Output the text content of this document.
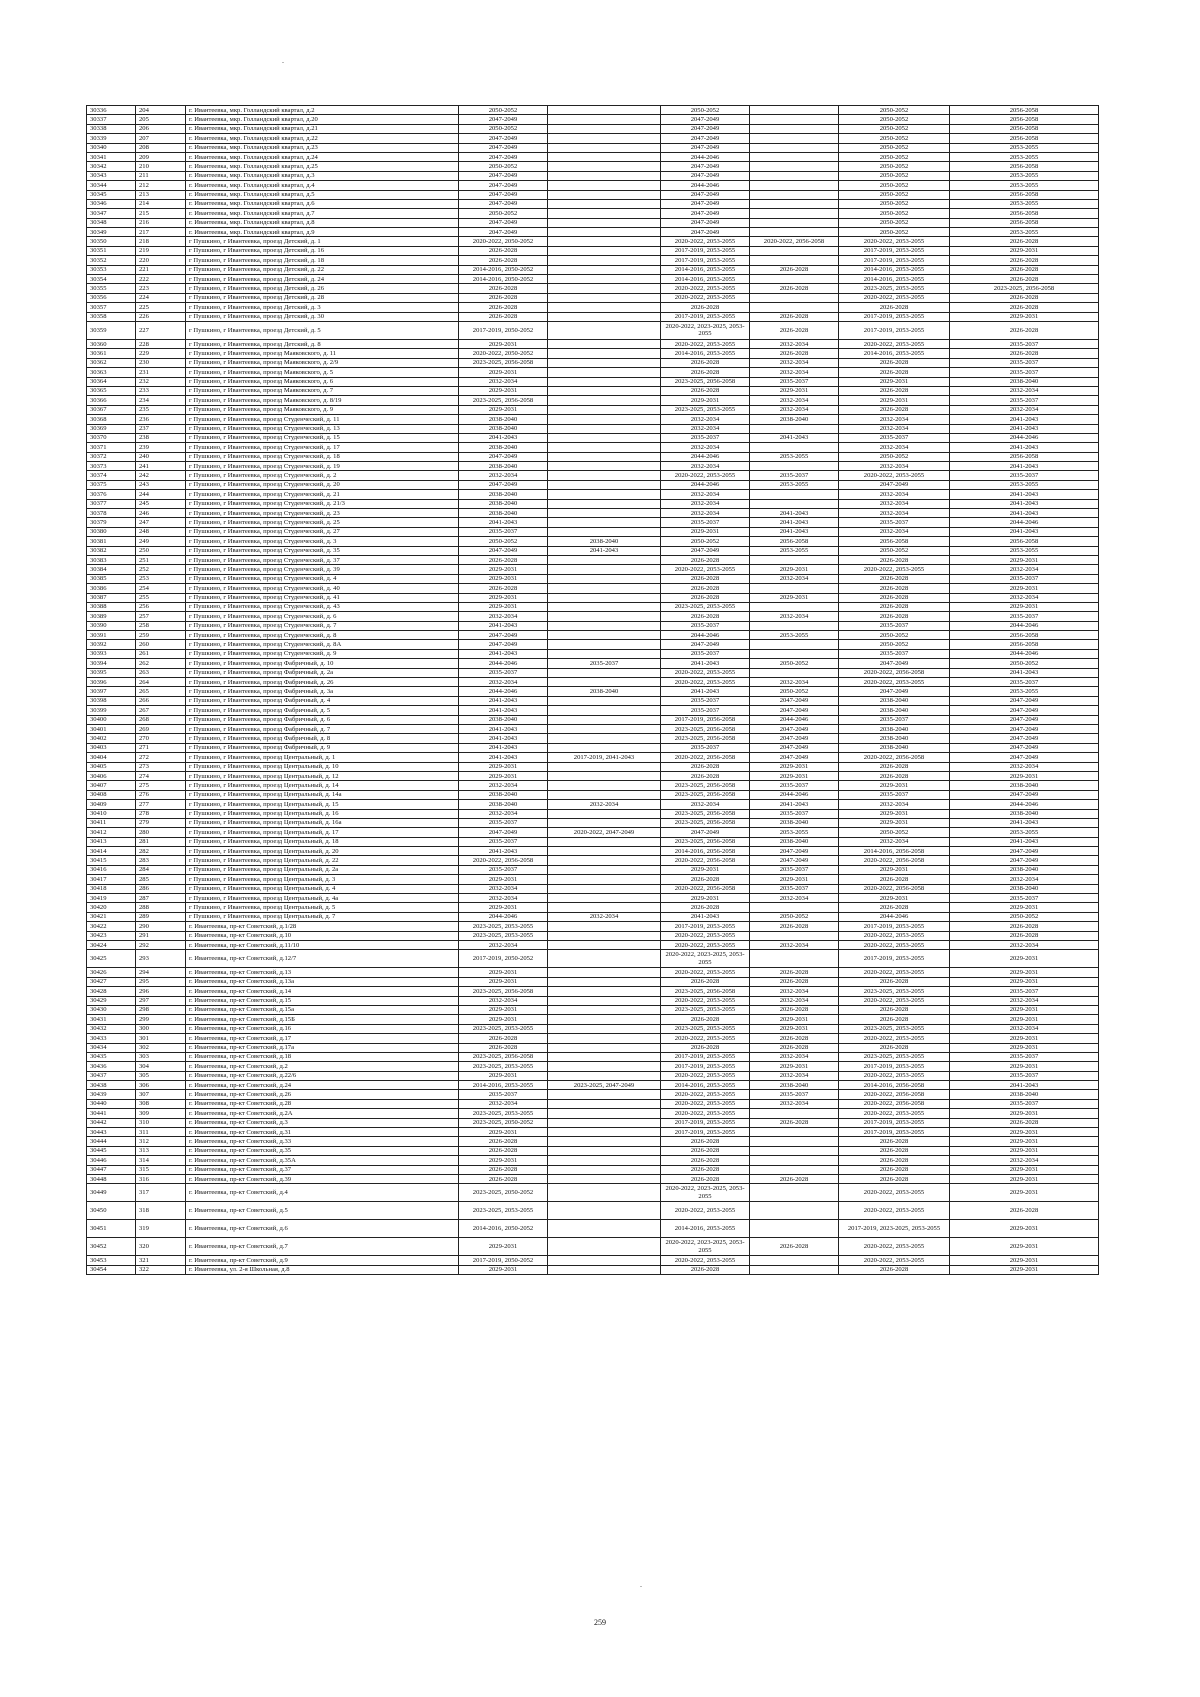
30336	204	г. Ивантеевка, мкр. Голландский квартал, д.2	2050-2052		2050-2052		2050-2052	2056-2058
30337	205	г. Ивантеевка, мкр. Голландский квартал, д.20	2047-2049		2047-2049		2050-2052	2056-2058
30338	206	г. Ивантеевка, мкр. Голландский квартал, д.21	2050-2052		2047-2049		2050-2052	2056-2058
30339	207	г. Ивантеевка, мкр. Голландский квартал, д.22	2047-2049		2047-2049		2050-2052	2056-2058
30340	208	г. Ивантеевка, мкр. Голландский квартал, д.23	2047-2049		2047-2049		2050-2052	2053-2055
30341	209	г. Ивантеевка, мкр. Голландский квартал, д.24	2047-2049		2044-2046		2050-2052	2053-2055
30342	210	г. Ивантеевка, мкр. Голландский квартал, д.25	2050-2052		2047-2049		2050-2052	2056-2058
30343	211	г. Ивантеевка, мкр. Голландский квартал, д.3	2047-2049		2047-2049		2050-2052	2053-2055
30344	212	г. Ивантеевка, мкр. Голландский квартал, д.4	2047-2049		2044-2046		2050-2052	2053-2055
30345	213	г. Ивантеевка, мкр. Голландский квартал, д.5	2047-2049		2047-2049		2050-2052	2056-2058
30346	214	г. Ивантеевка, мкр. Голландский квартал, д.6	2047-2049		2047-2049		2050-2052	2053-2055
30347	215	г. Ивантеевка, мкр. Голландский квартал, д.7	2050-2052		2047-2049		2050-2052	2056-2058
30348	216	г. Ивантеевка, мкр. Голландский квартал, д.8	2047-2049		2047-2049		2050-2052	2056-2058
30349	217	г. Ивантеевка, мкр. Голландский квартал, д.9	2047-2049		2047-2049		2050-2052	2053-2055
30350	218	г Пушкино, г Ивантеевка, проезд Детский, д. 1	2020-2022, 2050-2052		2020-2022, 2053-2055	2020-2022, 2056-2058	2020-2022, 2053-2055	2026-2028
30351	219	г Пушкино, г Ивантеевка, проезд Детский, д. 16	2026-2028		2017-2019, 2053-2055		2017-2019, 2053-2055	2029-2031
30352	220	г Пушкино, г Ивантеевка, проезд Детский, д. 18	2026-2028		2017-2019, 2053-2055		2017-2019, 2053-2055	2026-2028
30353	221	г Пушкино, г Ивантеевка, проезд Детский, д. 22	2014-2016, 2050-2052		2014-2016, 2053-2055	2026-2028	2014-2016, 2053-2055	2026-2028
30354	222	г Пушкино, г Ивантеевка, проезд Детский, д. 24	2014-2016, 2050-2052		2014-2016, 2053-2055		2014-2016, 2053-2055	2026-2028
30355	223	г Пушкино, г Ивантеевка, проезд Детский, д. 26	2026-2028		2020-2022, 2053-2055	2026-2028	2023-2025, 2053-2055	2023-2025, 2056-2058
30356	224	г Пушкино, г Ивантеевка, проезд Детский, д. 28	2026-2028		2020-2022, 2053-2055		2020-2022, 2053-2055	2026-2028
30357	225	г Пушкино, г Ивантеевка, проезд Детский, д. 3	2026-2028		2026-2028		2026-2028	2026-2028
30358	226	г Пушкино, г Ивантеевка, проезд Детский, д. 30	2026-2028		2017-2019, 2053-2055	2026-2028	2017-2019, 2053-2055	2029-2031
30359	227	г Пушкино, г Ивантеевка, проезд Детский, д. 5	2017-2019, 2050-2052		2020-2022, 2023-2025, 2053-2055	2026-2028	2017-2019, 2053-2055	2026-2028
30360	228	г Пушкино, г Ивантеевка, проезд Детский, д. 8	2029-2031		2020-2022, 2053-2055	2032-2034	2020-2022, 2053-2055	2035-2037
30361	229	г Пушкино, г Ивантеевка, проезд Маяковского, д. 11	2020-2022, 2050-2052		2014-2016, 2053-2055	2026-2028	2014-2016, 2053-2055	2026-2028
30362	230	г Пушкино, г Ивантеевка, проезд Маяковского, д. 2/9	2023-2025, 2056-2058		2026-2028	2032-2034	2026-2028	2035-2037
30363	231	г Пушкино, г Ивантеевка, проезд Маяковского, д. 5	2029-2031		2026-2028	2032-2034	2026-2028	2035-2037
30364	232	г Пушкино, г Ивантеевка, проезд Маяковского, д. 6	2032-2034		2023-2025, 2056-2058	2035-2037	2029-2031	2038-2040
30365	233	г Пушкино, г Ивантеевка, проезд Маяковского, д. 7	2029-2031		2026-2028	2029-2031	2026-2028	2032-2034
30366	234	г Пушкино, г Ивантеевка, проезд Маяковского, д. 8/19	2023-2025, 2056-2058		2029-2031	2032-2034	2029-2031	2035-2037
30367	235	г Пушкино, г Ивантеевка, проезд Маяковского, д. 9	2029-2031		2023-2025, 2053-2055	2032-2034	2026-2028	2032-2034
30368	236	г Пушкино, г Ивантеевка, проезд Студенческий, д. 11	2038-2040		2032-2034	2038-2040	2032-2034	2041-2043
30369	237	г Пушкино, г Ивантеевка, проезд Студенческий, д. 13	2038-2040		2032-2034		2032-2034	2041-2043
30370	238	г Пушкино, г Ивантеевка, проезд Студенческий, д. 15	2041-2043		2035-2037	2041-2043	2035-2037	2044-2046
30371	239	г Пушкино, г Ивантеевка, проезд Студенческий, д. 17	2038-2040		2032-2034		2032-2034	2041-2043
30372	240	г Пушкино, г Ивантеевка, проезд Студенческий, д. 18	2047-2049		2044-2046	2053-2055	2050-2052	2056-2058
30373	241	г Пушкино, г Ивантеевка, проезд Студенческий, д. 19	2038-2040		2032-2034		2032-2034	2041-2043
30374	242	г Пушкино, г Ивантеевка, проезд Студенческий, д. 2	2032-2034		2020-2022, 2053-2055	2035-2037	2020-2022, 2053-2055	2035-2037
30375	243	г Пушкино, г Ивантеевка, проезд Студенческий, д. 20	2047-2049		2044-2046	2053-2055	2047-2049	2053-2055
30376	244	г Пушкино, г Ивантеевка, проезд Студенческий, д. 21	2038-2040		2032-2034		2032-2034	2041-2043
30377	245	г Пушкино, г Ивантеевка, проезд Студенческий, д. 21/3	2038-2040		2032-2034		2032-2034	2041-2043
30378	246	г Пушкино, г Ивантеевка, проезд Студенческий, д. 23	2038-2040		2032-2034	2041-2043	2032-2034	2041-2043
30379	247	г Пушкино, г Ивантеевка, проезд Студенческий, д. 25	2041-2043		2035-2037	2041-2043	2035-2037	2044-2046
30380	248	г Пушкино, г Ивантеевка, проезд Студенческий, д. 27	2035-2037		2029-2031	2041-2043	2032-2034	2041-2043
30381	249	г Пушкино, г Ивантеевка, проезд Студенческий, д. 3	2050-2052	2038-2040	2050-2052	2056-2058	2056-2058	2056-2058
30382	250	г Пушкино, г Ивантеевка, проезд Студенческий, д. 35	2047-2049	2041-2043	2047-2049	2053-2055	2050-2052	2053-2055
30383	251	г Пушкино, г Ивантеевка, проезд Студенческий, д. 37	2026-2028		2026-2028		2026-2028	2029-2031
30384	252	г Пушкино, г Ивантеевка, проезд Студенческий, д. 39	2029-2031		2020-2022, 2053-2055	2029-2031	2020-2022, 2053-2055	2032-2034
30385	253	г Пушкино, г Ивантеевка, проезд Студенческий, д. 4	2029-2031		2026-2028	2032-2034	2026-2028	2035-2037
30386	254	г Пушкино, г Ивантеевка, проезд Студенческий, д. 40	2026-2028		2026-2028		2026-2028	2029-2031
30387	255	г Пушкино, г Ивантеевка, проезд Студенческий, д. 41	2029-2031		2026-2028	2029-2031	2026-2028	2032-2034
30388	256	г Пушкино, г Ивантеевка, проезд Студенческий, д. 43	2029-2031		2023-2025, 2053-2055		2026-2028	2029-2031
30389	257	г Пушкино, г Ивантеевка, проезд Студенческий, д. 6	2032-2034		2026-2028	2032-2034	2026-2028	2035-2037
30390	258	г Пушкино, г Ивантеевка, проезд Студенческий, д. 7	2041-2043		2035-2037		2035-2037	2044-2046
30391	259	г Пушкино, г Ивантеевка, проезд Студенческий, д. 8	2047-2049		2044-2046	2053-2055	2050-2052	2056-2058
30392	260	г Пушкино, г Ивантеевка, проезд Студенческий, д. 8А	2047-2049		2047-2049		2050-2052	2056-2058
30393	261	г Пушкино, г Ивантеевка, проезд Студенческий, д. 9	2041-2043		2035-2037		2035-2037	2044-2046
30394	262	г Пушкино, г Ивантеевка, проезд Фабричный, д. 10	2044-2046	2035-2037	2041-2043	2050-2052	2047-2049	2050-2052
30395	263	г Пушкино, г Ивантеевка, проезд Фабричный, д. 2а	2035-2037		2020-2022, 2053-2055		2020-2022, 2056-2058	2041-2043
30396	264	г Пушкино, г Ивантеевка, проезд Фабричный, д. 26	2032-2034		2020-2022, 2053-2055	2032-2034	2020-2022, 2053-2055	2035-2037
30397	265	г Пушкино, г Ивантеевка, проезд Фабричный, д. 3а	2044-2046	2038-2040	2041-2043	2050-2052	2047-2049	2053-2055
30398	266	г Пушкино, г Ивантеевка, проезд Фабричный, д. 4	2041-2043		2035-2037	2047-2049	2038-2040	2047-2049
30399	267	г Пушкино, г Ивантеевка, проезд Фабричный, д. 5	2041-2043		2035-2037	2047-2049	2038-2040	2047-2049
30400	268	г Пушкино, г Ивантеевка, проезд Фабричный, д. 6	2038-2040		2017-2019, 2056-2058	2044-2046	2035-2037	2047-2049
30401	269	г Пушкино, г Ивантеевка, проезд Фабричный, д. 7	2041-2043		2023-2025, 2056-2058	2047-2049	2038-2040	2047-2049
30402	270	г Пушкино, г Ивантеевка, проезд Фабричный, д. 8	2041-2043		2023-2025, 2056-2058	2047-2049	2038-2040	2047-2049
30403	271	г Пушкино, г Ивантеевка, проезд Фабричный, д. 9	2041-2043		2035-2037	2047-2049	2038-2040	2047-2049
30404	272	г Пушкино, г Ивантеевка, проезд Центральный, д. 1	2041-2043	2017-2019, 2041-2043	2020-2022, 2056-2058	2047-2049	2020-2022, 2056-2058	2047-2049
30405	273	г Пушкино, г Ивантеевка, проезд Центральный, д. 10	2029-2031		2026-2028	2029-2031	2026-2028	2032-2034
30406	274	г Пушкино, г Ивантеевка, проезд Центральный, д. 12	2029-2031		2026-2028	2029-2031	2026-2028	2029-2031
30407	275	г Пушкино, г Ивантеевка, проезд Центральный, д. 14	2032-2034		2023-2025, 2056-2058	2035-2037	2029-2031	2038-2040
30408	276	г Пушкино, г Ивантеевка, проезд Центральный, д. 14а	2038-2040		2023-2025, 2056-2058	2044-2046	2035-2037	2047-2049
30409	277	г Пушкино, г Ивантеевка, проезд Центральный, д. 15	2038-2040	2032-2034	2032-2034	2041-2043	2032-2034	2044-2046
30410	278	г Пушкино, г Ивантеевка, проезд Центральный, д. 16	2032-2034		2023-2025, 2056-2058	2035-2037	2029-2031	2038-2040
30411	279	г Пушкино, г Ивантеевка, проезд Центральный, д. 16а	2035-2037		2023-2025, 2056-2058	2038-2040	2029-2031	2041-2043
30412	280	г Пушкино, г Ивантеевка, проезд Центральный, д. 17	2047-2049	2020-2022, 2047-2049	2047-2049	2053-2055	2050-2052	2053-2055
30413	281	г Пушкино, г Ивантеевка, проезд Центральный, д. 18	2035-2037		2023-2025, 2056-2058	2038-2040	2032-2034	2041-2043
30414	282	г Пушкино, г Ивантеевка, проезд Центральный, д. 20	2041-2043		2014-2016, 2056-2058	2047-2049	2014-2016, 2056-2058	2047-2049
30415	283	г Пушкино, г Ивантеевка, проезд Центральный, д. 22	2020-2022, 2056-2058		2020-2022, 2056-2058	2047-2049	2020-2022, 2056-2058	2047-2049
30416	284	г Пушкино, г Ивантеевка, проезд Центральный, д. 2а	2035-2037		2029-2031	2035-2037	2029-2031	2038-2040
30417	285	г Пушкино, г Ивантеевка, проезд Центральный, д. 3	2029-2031		2026-2028	2029-2031	2026-2028	2032-2034
30418	286	г Пушкино, г Ивантеевка, проезд Центральный, д. 4	2032-2034		2020-2022, 2056-2058	2035-2037	2020-2022, 2056-2058	2038-2040
30419	287	г Пушкино, г Ивантеевка, проезд Центральный, д. 4а	2032-2034		2029-2031	2032-2034	2029-2031	2035-2037
30420	288	г Пушкино, г Ивантеевка, проезд Центральный, д. 5	2029-2031		2026-2028		2026-2028	2029-2031
30421	289	г Пушкино, г Ивантеевка, проезд Центральный, д. 7	2044-2046	2032-2034	2041-2043	2050-2052	2044-2046	2050-2052
30422	290	г. Ивантеевка, пр-кт Советский, д.1/28	2023-2025, 2053-2055		2017-2019, 2053-2055	2026-2028	2017-2019, 2053-2055	2026-2028
30423	291	г. Ивантеевка, пр-кт Советский, д.10	2023-2025, 2053-2055		2020-2022, 2053-2055		2020-2022, 2053-2055	2026-2028
30424	292	г. Ивантеевка, пр-кт Советский, д.11/10	2032-2034		2020-2022, 2053-2055	2032-2034	2020-2022, 2053-2055	2032-2034
30425	293	г. Ивантеевка, пр-кт Советский, д.12/7	2017-2019, 2050-2052		2020-2022, 2023-2025, 2053-2055		2017-2019, 2053-2055	2029-2031
30426	294	г. Ивантеевка, пр-кт Советский, д.13	2029-2031		2020-2022, 2053-2055	2026-2028	2020-2022, 2053-2055	2029-2031
30427	295	г. Ивантеевка, пр-кт Советский, д.13а	2029-2031		2026-2028	2026-2028	2026-2028	2029-2031
30428	296	г. Ивантеевка, пр-кт Советский, д.14	2023-2025, 2056-2058		2023-2025, 2056-2058	2032-2034	2023-2025, 2053-2055	2035-2037
30429	297	г. Ивантеевка, пр-кт Советский, д.15	2032-2034		2020-2022, 2053-2055	2032-2034	2020-2022, 2053-2055	2032-2034
30430	298	г. Ивантеевка, пр-кт Советский, д.15а	2029-2031		2023-2025, 2053-2055	2026-2028	2026-2028	2029-2031
30431	299	г. Ивантеевка, пр-кт Советский, д.15Б	2029-2031		2026-2028	2029-2031	2026-2028	2029-2031
30432	300	г. Ивантеевка, пр-кт Советский, д.16	2023-2025, 2053-2055		2023-2025, 2053-2055	2029-2031	2023-2025, 2053-2055	2032-2034
30433	301	г. Ивантеевка, пр-кт Советский, д.17	2026-2028		2020-2022, 2053-2055	2026-2028	2020-2022, 2053-2055	2029-2031
30434	302	г. Ивантеевка, пр-кт Советский, д.17а	2026-2028		2026-2028	2026-2028	2026-2028	2029-2031
30435	303	г. Ивантеевка, пр-кт Советский, д.18	2023-2025, 2056-2058		2017-2019, 2053-2055	2032-2034	2023-2025, 2053-2055	2035-2037
30436	304	г. Ивантеевка, пр-кт Советский, д.2	2023-2025, 2053-2055		2017-2019, 2053-2055	2029-2031	2017-2019, 2053-2055	2029-2031
30437	305	г. Ивантеевка, пр-кт Советский, д.22/6	2029-2031		2020-2022, 2053-2055	2032-2034	2020-2022, 2053-2055	2035-2037
30438	306	г. Ивантеевка, пр-кт Советский, д.24	2014-2016, 2053-2055	2023-2025, 2047-2049	2014-2016, 2053-2055	2038-2040	2014-2016, 2056-2058	2041-2043
30439	307	г. Ивантеевка, пр-кт Советский, д.26	2035-2037		2020-2022, 2053-2055	2035-2037	2020-2022, 2056-2058	2038-2040
30440	308	г. Ивантеевка, пр-кт Советский, д.28	2032-2034		2020-2022, 2053-2055	2032-2034	2020-2022, 2056-2058	2035-2037
30441	309	г. Ивантеевка, пр-кт Советский, д.2А	2023-2025, 2053-2055		2020-2022, 2053-2055		2020-2022, 2053-2055	2029-2031
30442	310	г. Ивантеевка, пр-кт Советский, д.3	2023-2025, 2050-2052		2017-2019, 2053-2055	2026-2028	2017-2019, 2053-2055	2026-2028
30443	311	г. Ивантеевка, пр-кт Советский, д.31	2029-2031		2017-2019, 2053-2055		2017-2019, 2053-2055	2029-2031
30444	312	г. Ивантеевка, пр-кт Советский, д.33	2026-2028		2026-2028		2026-2028	2029-2031
30445	313	г. Ивантеевка, пр-кт Советский, д.35	2026-2028		2026-2028		2026-2028	2029-2031
30446	314	г. Ивантеевка, пр-кт Советский, д.35А	2029-2031		2026-2028		2026-2028	2032-2034
30447	315	г. Ивантеевка, пр-кт Советский, д.37	2026-2028		2026-2028		2026-2028	2029-2031
30448	316	г. Ивантеевка, пр-кт Советский, д.39	2026-2028		2026-2028	2026-2028	2026-2028	2029-2031
30449	317	г. Ивантеевка, пр-кт Советский, д.4	2023-2025, 2050-2052		2020-2022, 2023-2025, 2053-2055		2020-2022, 2053-2055	2029-2031
30450	318	г. Ивантеевка, пр-кт Советский, д.5	2023-2025, 2053-2055		2020-2022, 2053-2055		2020-2022, 2053-2055	2026-2028
30451	319	г. Ивантеевка, пр-кт Советский, д.6	2014-2016, 2050-2052		2014-2016, 2053-2055		2017-2019, 2023-2025, 2053-2055	2029-2031
30452	320	г. Ивантеевка, пр-кт Советский, д.7	2029-2031		2020-2022, 2023-2025, 2053-2055	2026-2028	2020-2022, 2053-2055	2029-2031
30453	321	г. Ивантеевка, пр-кт Советский, д.9	2017-2019, 2050-2052		2020-2022, 2053-2055		2020-2022, 2053-2055	2029-2031
30454	322	г. Ивантеевка, ул. 2-я Школьная, д.8	2029-2031		2026-2028		2026-2028	2029-2031
259
